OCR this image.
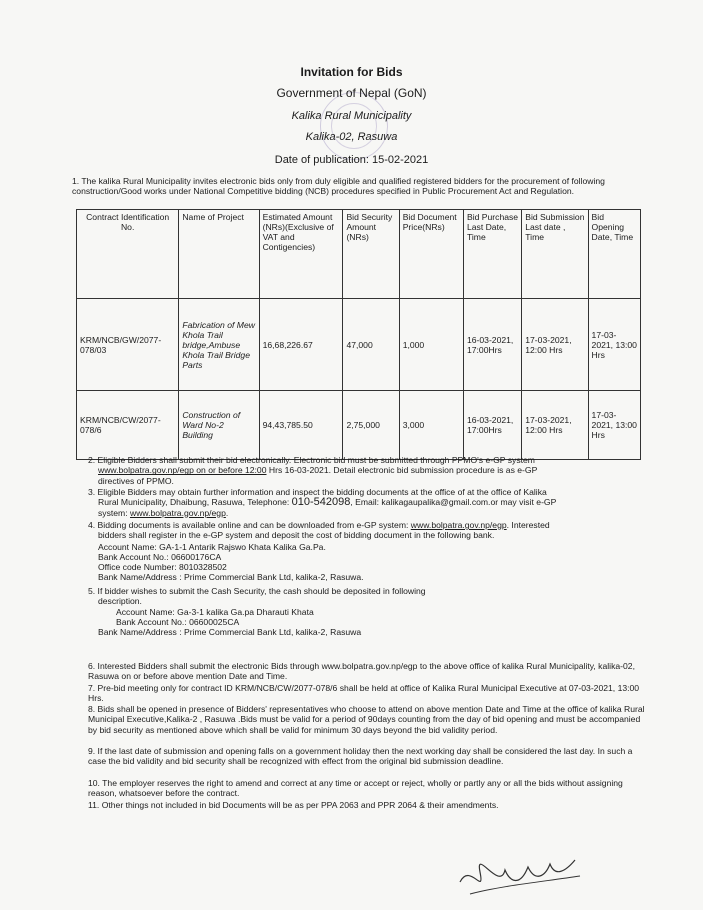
Invitation for Bids
Government of Nepal (GoN)
Kalika Rural Municipality
Kalika-02, Rasuwa
Date of publication: 15-02-2021
1. The kalika Rural Municipality invites electronic bids only from duly eligible and qualified registered bidders for the procurement of following construction/Good works under National Competitive bidding (NCB) procedures specified in Public Procurement Act and Regulation.
Contract Identification No.	Name of Project	Estimated Amount (NRs)(Exclusive of VAT and Contigencies)	Bid Security Amount (NRs)	Bid Document Price(NRs)	Bid Purchase Last Date, Time	Bid Submission Last date , Time	Bid Opening Date, Time
KRM/NCB/GW/2077-078/03	Fabrication of Mew Khola Trail bridge,Ambuse Khola Trail Bridge Parts	16,68,226.67	47,000	1,000	16-03-2021, 17:00Hrs	17-03-2021, 12:00 Hrs	17-03-2021, 13:00 Hrs
KRM/NCB/CW/2077-078/6	Construction of Ward No-2 Building	94,43,785.50	2,75,000	3,000	16-03-2021, 17:00Hrs	17-03-2021, 12:00 Hrs	17-03-2021, 13:00 Hrs
2. Eligible Bidders shall submit their bid electronically. Electronic bid must be submitted through PPMO's e-GP system
www.bolpatra.gov.np/egp on or before 12:00 Hrs 16-03-2021. Detail electronic bid submission procedure is as e-GP
directives of PPMO.
3. Eligible Bidders may obtain further information and inspect the bidding documents at the office of at the office of Kalika
Rural Municipality, Dhaibung, Rasuwa, Telephone: 010-542098, Email: kalikagaupalika@gmail.com.or may visit e-GP
system: www.bolpatra.gov.np/egp.
4. Bidding documents is available online and can be downloaded from e-GP system: www.bolpatra.gov.np/egp. Interested
bidders shall register in the e-GP system and deposit the cost of bidding document in the following bank.
Account Name: GA-1-1 Antarik Rajswo Khata Kalika Ga.Pa.
Bank Account No.: 06600176CA
Office code Number: 8010328502
Bank Name/Address : Prime Commercial Bank Ltd, kalika-2, Rasuwa.
5. If bidder wishes to submit the Cash Security, the cash should be deposited in following
description.
Account Name: Ga-3-1 kalika Ga.pa Dharauti Khata
Bank Account No.: 06600025CA
Bank Name/Address : Prime Commercial Bank Ltd, kalika-2, Rasuwa
6. Interested Bidders shall submit the electronic Bids through www.bolpatra.gov.np/egp to the above office of kalika Rural Municipality, kalika-02, Rasuwa on or before above mention Date and Time.
7. Pre-bid meeting only for contract ID KRM/NCB/CW/2077-078/6 shall be held at office of Kalika Rural Municipal Executive at 07-03-2021, 13:00 Hrs.
8. Bids shall be opened in presence of Bidders' representatives who choose to attend on above mention Date and Time at the office of kalika Rural Municipal Executive,Kalika-2 , Rasuwa .Bids must be valid for a period of 90days counting from the day of bid opening and must be accompanied by bid security as mentioned above which shall be valid for minimum 30 days beyond the bid validity period.
9. If the last date of submission and opening falls on a government holiday then the next working day shall be considered the last day. In such a case the bid validity and bid security shall be recognized with effect from the original bid submission deadline.
10. The employer reserves the right to amend and correct at any time or accept or reject, wholly or partly any or all the bids without assigning reason, whatsoever before the contract.
11. Other things not included in bid Documents will be as per PPA 2063 and PPR 2064 & their amendments.
